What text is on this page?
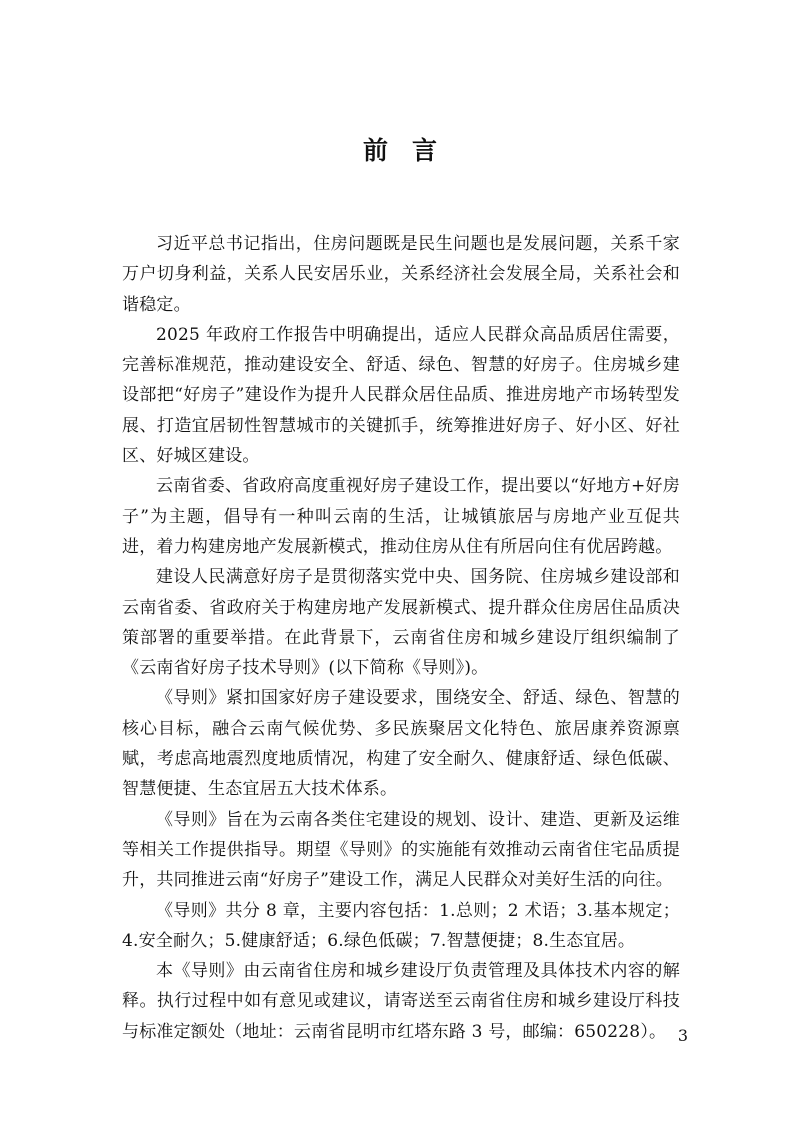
前言

习近平总书记指出，住房问题既是民生问题也是发展问题，关系千家万户切身利益，关系人民安居乐业，关系经济社会发展全局，关系社会和谐稳定。

2025 年政府工作报告中明确提出，适应人民群众高品质居住需要，完善标准规范，推动建设安全、舒适、绿色、智慧的好房子。住房城乡建设部把“好房子”建设作为提升人民群众居住品质、推进房地产市场转型发展、打造宜居韧性智慧城市的关键抓手，统筹推进好房子、好小区、好社区、好城区建设。

云南省委、省政府高度重视好房子建设工作，提出要以“好地方+好房子”为主题，倡导有一种叫云南的生活，让城镇旅居与房地产业互促共进，着力构建房地产发展新模式，推动住房从住有所居向住有优居跨越。

建设人民满意好房子是贯彻落实党中央、国务院、住房城乡建设部和云南省委、省政府关于构建房地产发展新模式、提升群众住房居住品质决策部署的重要举措。在此背景下，云南省住房和城乡建设厅组织编制了《云南省好房子技术导则》(以下简称《导则》)。

《导则》紧扣国家好房子建设要求，围绕安全、舒适、绿色、智慧的核心目标，融合云南气候优势、多民族聚居文化特色、旅居康养资源禀赋，考虑高地震烈度地质情况，构建了安全耐久、健康舒适、绿色低碳、智慧便捷、生态宜居五大技术体系。

《导则》旨在为云南各类住宅建设的规划、设计、建造、更新及运维等相关工作提供指导。期望《导则》的实施能有效推动云南省住宅品质提升，共同推进云南“好房子”建设工作，满足人民群众对美好生活的向往。

《导则》共分 8 章，主要内容包括：1.总则；2 术语；3.基本规定；4.安全耐久；5.健康舒适；6.绿色低碳；7.智慧便捷；8.生态宜居。

本《导则》由云南省住房和城乡建设厅负责管理及具体技术内容的解释。执行过程中如有意见或建议，请寄送至云南省住房和城乡建设厅科技与标准定额处（地址：云南省昆明市红塔东路 3 号，邮编：650228）。 3
